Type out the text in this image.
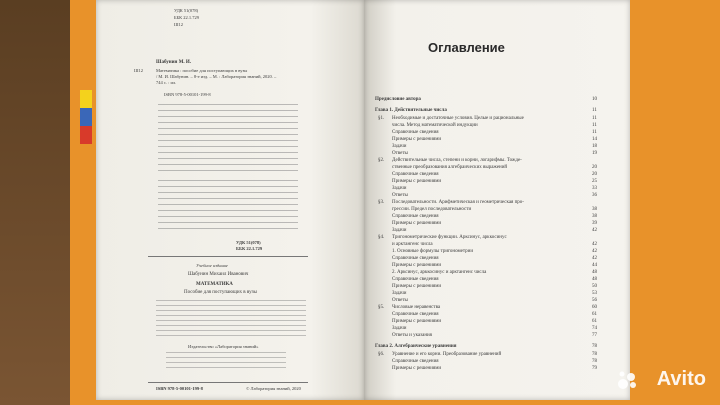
УДК 51(078)
ББК 22.1.729
Ш12
Шабунин М. И.
Ш12	Математика : пособие для поступающих в вузы
/ М. И. Шабунин. – 8-е изд. – М. : Лаборатория знаний, 2020. –
744 с. : ил.
ISBN 978-5-00101-199-8
УДК 51(078)
ББК 22.1.729
Учебное издание
Шабунин Михаил Иванович
МАТЕМАТИКА
Пособие для поступающих в вузы
Издательство «Лаборатория знаний»
ISBN 978-5-00101-199-8	© Лаборатория знаний, 2020
Оглавление
Предисловие автора	10
Глава 1. Действительные числа	11
§1. Необходимые и достаточные условия. Целые и рациональные	11
числа. Метод математической индукции	11
Справочные сведения	11
Примеры с решениями	14
Задачи	18
Ответы	19
§2. Действительные числа, степени и корни, логарифмы. Тожде-
ственные преобразования алгебраических выражений	20
Справочные сведения	20
Примеры с решениями	25
Задачи	33
Ответы	36
§3. Последовательности. Арифметическая и геометрическая про-
грессии. Предел последовательности	38
Справочные сведения	38
Примеры с решениями	39
Задачи	42
§4. Тригонометрические функции. Арксинус, арккосинус
и арктангенс числа	42
1. Основные формулы тригонометрии	42
Справочные сведения	42
Примеры с решениями	44
2. Арксинус, арккосинус и арктангенс числа	48
Справочные сведения	48
Примеры с решениями	50
Задачи	53
Ответы	56
§5. Числовые неравенства	60
Справочные сведения	61
Примеры с решениями	61
Задачи	74
Ответы и указания	77
Глава 2. Алгебраические уравнения	78
§6. Уравнение и его корни. Преобразование уравнений	78
Справочные сведения	78
Примеры с решениями	79	Avito
